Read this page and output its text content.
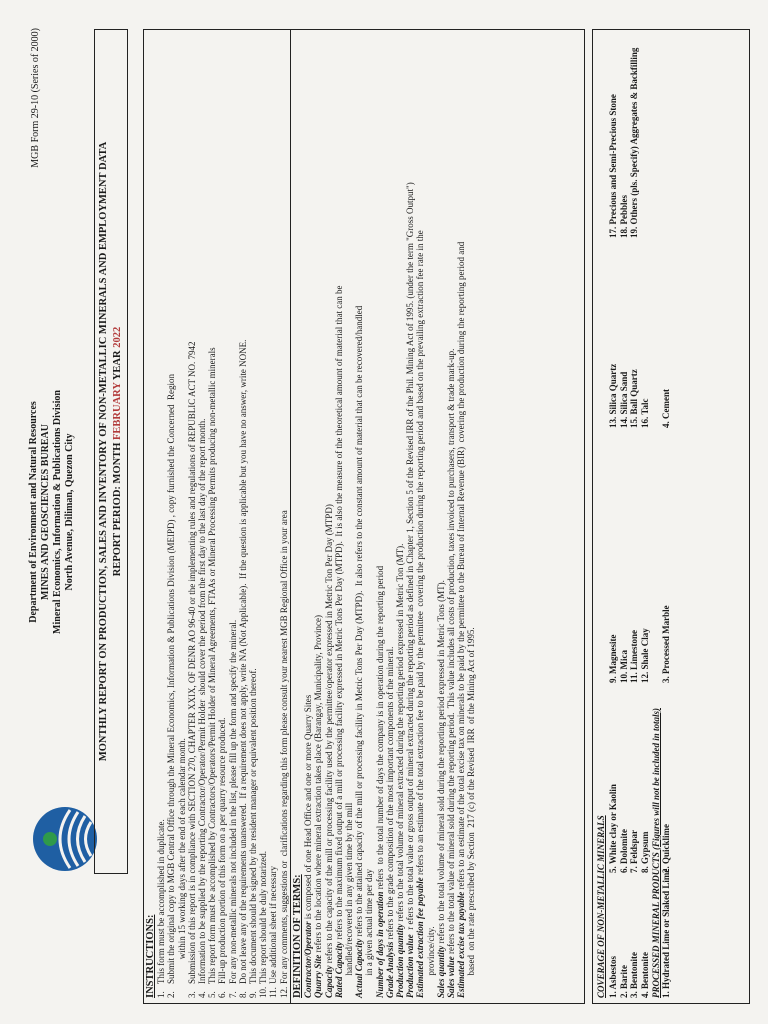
MGB Form 29-10 (Series of 2000)
Department of Environment and Natural Resources MINES AND GEOSCIENCES BUREAU Mineral Economics, Information & Publications Division North Avenue, Diliman, Quezon City MONTHLY REPORT ON PRODUCTION, SALES AND INVENTORY OF NON-METALLIC MINERALS AND EMPLOYMENT DATA REPORT PERIOD: MONTH FEBRUARY YEAR 2022
INSTRUCTIONS: 1.
This form must be accomplished in duplicate.
2.
Submit the original copy to MGB Central Office through the Mineral Economics, Information & Publications Division (MEIPD) , copy furnished the Concerned  Region within 15 working days after the end of each calendar month.
3.
Submission of this report is in compliance with SECTION 270, CHAPTER XXIX, OF DENR AO 96-40 or the implementing rules and regulations of REPUBLIC ACT NO. 7942
4.
Information to be supplied by the reporting Contractor/Operator/Permit Holder  should cover the period from the first day to the last day of the report month.
5.
This report form must be accomplished by Contractors/Operators/Permit Holder of Mineral Agreements, FTAAs or Mineral Processing Permits producing non-metallic minerals
6.
Fill-up production portion of this form on a per quarry resource produced.
7.
For any non-metallic minerals not included in the list, please fill up the form and specify the mineral.
8.
Do not leave any of the requirements unanswered.  If a requirement does not apply, write NA (Not Applicable).  If the question is applicable but you have no answer, write NONE.
9.
This document should be signed by the resident manager or equivalent position thereof.
10.
This report should be duly notarized.
11.
Use additional sheet if necessary
12.
For any comments, suggestions or  clarifications regarding this form please consult your nearest MGB Regional Office in your area DEFINITION OF TERMS: Contractor/Operator is composed of one Head Office and one or more Quarry Sites
Quarry Site refers to the location where mineral extraction takes place (Barangay, Municipality, Province)
Capacity refers to the capacity of the mill or processing facility used by the permittee/operator expressed in Metric Ton Per Day (MTPD)
Rated Capacity refers to the maximum fixed output of a mill or processing facility expressed in Metric Tons Per Day (MTPD).  It is also the measure of the theoretical amount of material that can be handled/recovered in any given time by the mill Actual Capacity refers to the attained capacity of the mill or processing facility in Metric Tons Per Day (MTPD).  It also refers to the constant amount of material that can be recovered/handled in a given actual time per day Number of days in operation refers  to the total number of days the company is in operation during the reporting period
Grade Analysis refers to the grade composition of the most important components of the mineral.
Production quantity refers to the total volume of mineral extracted during the reporting period expressed in Metric Ton (MT).
Production value  r efers to the total value or gross output of mineral extracted during the reporting period as defined in Chapter 1, Section 5 of the Revised IRR of the Phil. Mining Act of 1995. (under the term "Gross Output")
Estimated extraction fee payable refers to an estimate of the total extraction fee to be paid by the permittee  covering the production during the reporting period and based on the prevailing extraction fee rate in the
province/city. Sales quantity refers to the total volume of mineral sold during the reporting period expressed in Metric Tons (MT).
Sales value refers to the total value of mineral sold during the reporting period.  This value includes all costs of production, taxes invoiced to purchasers, transport & trade mark-up. Estimated excise tax payable refers to an estimate of the total excise tax on minerals to be paid by the permittee to the Bureau of Internal Revenue (BIR)  covering the production during the reporting period and based  on the rate prescribed by Section  217 (c) of the Revised  IRR  of the Mining Act of 1995.	COVERAGE OF NON-METALLIC MINERALS 1. Asbestos 2. Barite 3. Bentonite 4. Bentonite
5. White clay or Kaolin 6. Dolomite 7. Feldspar 8. Gypsum
9. Magnesite 10. Mica 11. Limestone 12. Shale Clay
13. Silica Quartz 14. Silica Sand 15. Ball Quartz 16. Talc
17. Precious and Semi-Precious Stone 18. Pebbles 19. Others (pls. Specify) Aggregates & Backfilling
PROCESSED MINERAL PRODUCTS (Figures will not be included in totals) 1. Hydrated Lime or Slaked Lime
2. Quicklime
3. Processed Marble
4. Cement
